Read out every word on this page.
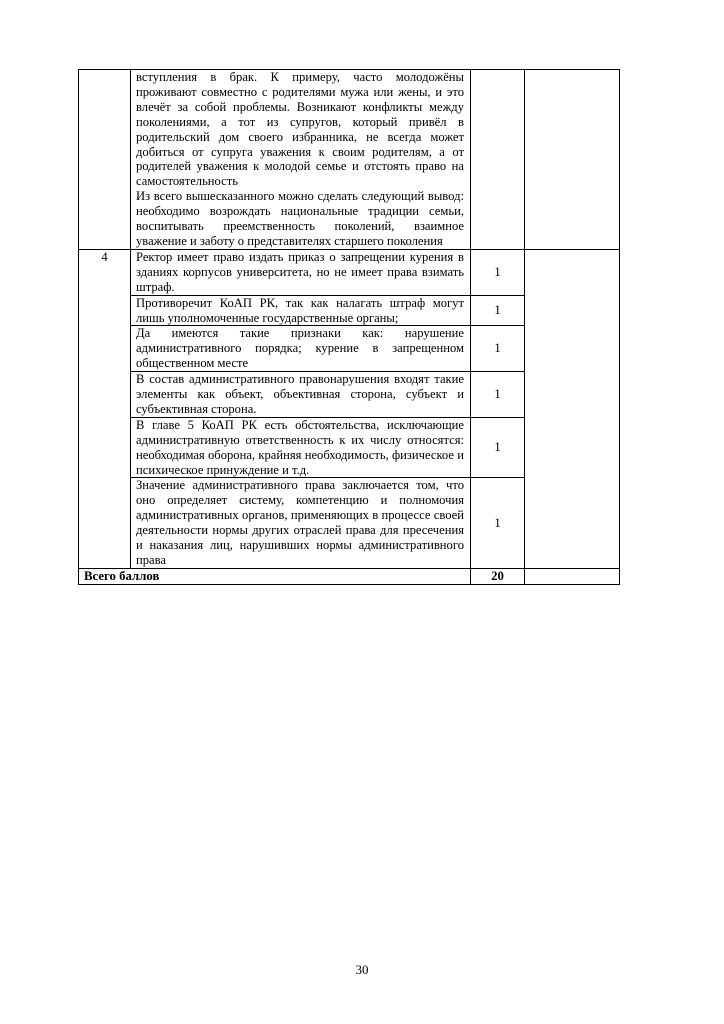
	вступления в брак. К примеру, часто молодожёны проживают совместно с родителями мужа или жены, и это влечёт за собой проблемы. Возникают конфликты между поколениями, а тот из супругов, который привёл в родительский дом своего избранника, не всегда может добиться от супруга уважения к своим родителям, а от родителей уважения к молодой семье и отстоять право на самостоятельность

Из всего вышесказанного можно сделать следующий вывод: необходимо возрождать национальные традиции семьи, воспитывать преемственность поколений, взаимное уважение и заботу о представителях старшего поколения		

4	Ректор имеет право издать приказ о запрещении курения в зданиях корпусов университета, но не имеет права взимать штраф.	1	

	Противоречит КоАП РК, так как налагать штраф могут лишь уполномоченные государственные органы;	1	

	Да имеются такие признаки как: нарушение административного порядка; курение в запрещенном общественном месте	1	

	В состав административного правонарушения входят такие элементы как объект, объективная сторона, субъект и субъективная сторона.	1	

	В главе 5 КоАП РК есть обстоятельства, исключающие административную ответственность к их числу относятся: необходимая оборона, крайняя необходимость, физическое и психическое принуждение и т.д.	1	

	Значение административного права заключается том, что оно определяет систему, компетенцию и полномочия административных органов, применяющих в процессе своей деятельности нормы других отраслей права для пресечения и наказания лиц, нарушивших нормы административного права	1	
Всего баллов		20	
30
